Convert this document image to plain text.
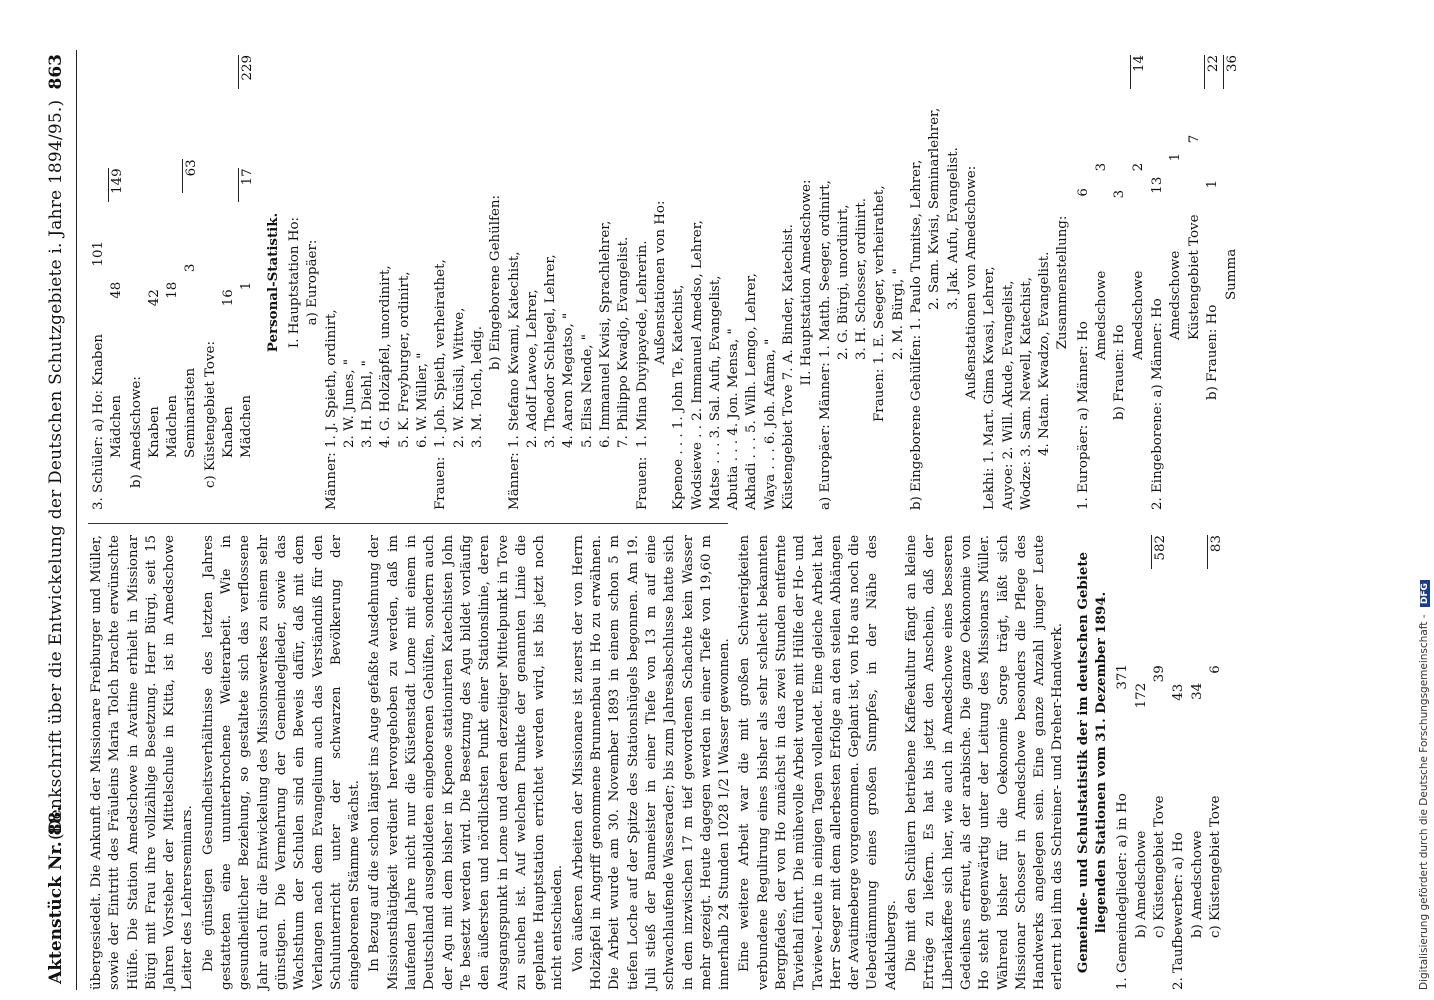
Aktenstück Nr. 88.
(Denkschrift über die Entwickelung der Deutschen Schutzgebiete i. Jahre 1894/95.)
863

übergesiedelt. Die Ankunft der Missionare Freiburger und Müller, sowie der Eintritt des Fräuleins Maria Tolch brachte erwünschte Hülfe. Die Station Amedschowe in Avatime erhielt in Missionar Bürgi mit Frau ihre vollzählige Besetzung. Herr Bürgi, seit 15 Jahren Vorsteher der Mittelschule in Kitta, ist in Amedschowe Leiter des Lehrerseminars. Die günstigen Gesundheitsverhältnisse des letzten Jahres gestatteten eine ununterbrochene Weiterarbeit. Wie in gesundheitlicher Beziehung, so gestaltete sich das verflossene Jahr auch für die Entwickelung des Missionswerkes zu einem sehr günstigen. Die Vermehrung der Gemeindeglieder, sowie das Wachsthum der Schulen sind ein Beweis dafür, daß mit dem Verlangen nach dem Evangelium auch das Verständniß für den Schulunterricht unter der schwarzen Bevölkerung der eingeborenen Stämme wächst. In Bezug auf die schon längst ins Auge gefaßte Ausdehnung der Missionsthätigkeit verdient hervorgehoben zu werden, daß im laufenden Jahre nicht nur die Küstenstadt Lome mit einem in Deutschland ausgebildeten eingeborenen Gehülfen, sondern auch der Agu mit dem bisher in Kpenoe stationirten Katechisten John Te besetzt werden wird. Die Besetzung des Agu bildet vorläufig den äußersten und nördlichsten Punkt einer Stationslinie, deren Ausgangspunkt in Lome und deren derzeitiger Mittelpunkt in Tove zu suchen ist. Auf welchem Punkte der genannten Linie die geplante Hauptstation errichtet werden wird, ist bis jetzt noch nicht entschieden. Von äußeren Arbeiten der Missionare ist zuerst der von Herrn Holzäpfel in Angriff genommene Brunnenbau in Ho zu erwähnen. Die Arbeit wurde am 30. November 1893 in einem schon 5 m tiefen Loche auf der Spitze des Stationshügels begonnen. Am 19. Juli stieß der Baumeister in einer Tiefe von 13 m auf eine schwachlaufende Wasserader; bis zum Jahresabschlusse hatte sich in dem inzwischen 17 m tief gewordenen Schachte kein Wasser mehr gezeigt. Heute dagegen werden in einer Tiefe von 19,60 m innerhalb 24 Stunden 1028 1/2 l Wasser gewonnen. Eine weitere Arbeit war die mit großen Schwierigkeiten verbundene Regulirung eines bisher als sehr schlecht bekannten Bergpfades, der von Ho zunächst in das zwei Stunden entfernte Taviethal führt. Die mühevolle Arbeit wurde mit Hülfe der Ho- und Taviewe-Leute in einigen Tagen vollendet. Eine gleiche Arbeit hat Herr Seeger mit dem allerbesten Erfolge an den steilen Abhängen der Avatimeberge vorgenommen. Geplant ist, von Ho aus noch die Ueberdämmung eines großen Sumpfes, in der Nähe des Adaklubergs. Die mit den Schülern betriebene Kaffeekultur fängt an kleine Erträge zu liefern. Es hat bis jetzt den Anschein, daß der Liberiakaffee sich hier, wie auch in Amedschowe eines besseren Gedeihens erfreut, als der arabische. Die ganze Oekonomie von Ho steht gegenwärtig unter der Leitung des Missionars Müller. Während bisher für die Oekonomie Sorge trägt, läßt sich Missionar Schosser in Amedschowe besonders die Pflege des Handwerks angelegen sein. Eine ganze Anzahl junger Leute erlernt bei ihm das Schreiner- und Dreher-Handwerk. Gemeinde- und Schulstatistik der im deutschen Gebiete liegenden Stationen vom 31. Dezember 1894. 1. Gemeindeglieder: a) in Ho
371
b) Amedschowe
172
c) Küstengebiet Tove
39
582
2. Taufbewerber: a) Ho
43
b) Amedschowe
34
c) Küstengebiet Tove
6
83
3. Schüler: a) Ho: Knaben
101
Mädchen
48
149
b) Amedschowe: Knaben
42
Mädchen
18
Seminaristen
3
63
c) Küstengebiet Tove: Knaben
16
Mädchen
1
17
229
Personal-Statistik. I. Hauptstation Ho: a) Europäer:
Männer:
1. J. Spieth, ordinirt, 2. W. Junes, " 3. H. Diehl, " 4. G. Holzäpfel, unordinirt, 5. K. Freyburger, ordinirt, 6. W. Müller, "
Frauen:
1. Joh. Spieth, verheirathet, 2. W. Knüsli, Wittwe, 3. M. Tolch, ledig.
b) Eingeborene Gehülfen:
Männer:
1. Stefano Kwami, Katechist, 2. Adolf Lawoe, Lehrer, 3. Theodor Schlegel, Lehrer, 4. Aaron Megatso, " 5. Elisa Nende, " 6. Immanuel Kwisi, Sprachlehrer, 7. Philippo Kwadjo, Evangelist.
Frauen:
1. Mina Duyipayede, Lehrerin. Außenstationen von Ho:
Kpenoe . . . 1. John Te, Katechist, Wodsiewe . . 2. Immanuel Amedso, Lehrer, Matse . . . 3. Sal. Aufu, Evangelist, Abutia . . . 4. Jon. Mensa, " Akhadi . . . 5. Wilh. Lemgo, Lehrer, Waya . . . 6. Joh. Afama, " Küstengebiet Tove 7. A. Binder, Katechist. II. Hauptstation Amedschowe: a) Europäer: Männer: 1. Matth. Seeger, ordinirt, 2. G. Bürgi, unordinirt, 3. H. Schosser, ordinirt. Frauen: 1. E. Seeger, verheirathet, 2. M. Bürgi, " b) Eingeborene Gehülfen: 1. Paulo Tumitse, Lehrer, 2. Sam. Kwisi, Seminarlehrer, 3. Jak. Aufu, Evangelist. Außenstationen von Amedschowe: Lekhi: 1. Mart. Gima Kwasi, Lehrer, Auyoe: 2. Will. Akude, Evangelist, Wodze: 3. Sam. Newell, Katechist, 4. Natan. Kwadzo, Evangelist. Zusammenstellung:
1. Europäer: a) Männer: Ho
6
Amedschowe
3
b) Frauen: Ho
3
Amedschowe
2
14
2. Eingeborene: a) Männer: Ho
13
Amedschowe
1
Küstengebiet Tove
7
b) Frauen: Ho
1
22
Summa
36
Digitalisierung gefördert durch die Deutsche Forschungsgemeinschaft - DFG
